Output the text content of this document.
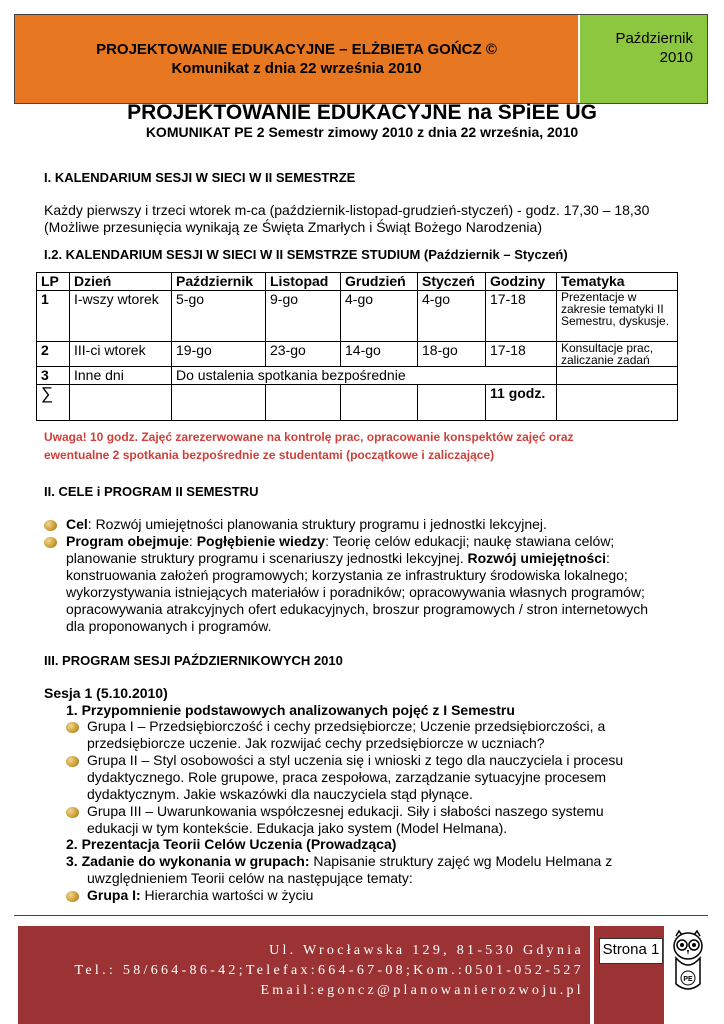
PROJEKTOWANIE EDUKACYJNE – ELŻBIETA GOŃCZ ©
Komunikat z dnia 22 września 2010
Październik
2010
PROJEKTOWANIE EDUKACYJNE na SPiEE UG
KOMUNIKAT PE 2 Semestr zimowy 2010 z dnia 22 września, 2010
I. KALENDARIUM SESJI W SIECI W II SEMESTRZE
Każdy pierwszy i trzeci wtorek m-ca (październik-listopad-grudzień-styczeń) - godz. 17,30 – 18,30
(Możliwe przesunięcia wynikają ze Święta Zmarłych i Świąt Bożego Narodzenia)
I.2. KALENDARIUM SESJI W SIECI W II SEMSTRZE STUDIUM (Październik – Styczeń)
LP	Dzień	Październik	Listopad	Grudzień	Styczeń	Godziny	Tematyka
1	I-wszy wtorek	5-go	9-go	4-go	4-go	17-18	Prezentacje w zakresie tematyki II Semestru, dyskusje.
2	III-ci wtorek	19-go	23-go	14-go	18-go	17-18	Konsultacje prac, zaliczanie zadań
3	Inne dni	Do ustalenia spotkania bezpośrednie					
∑						11 godz.	
Uwaga! 10 godz. Zajęć zarezerwowane na kontrolę prac, opracowanie konspektów zajęć oraz
ewentualne 2 spotkania bezpośrednie ze studentami (początkowe i zaliczające)
II. CELE i PROGRAM II SEMESTRU
Cel: Rozwój umiejętności planowania struktury programu i jednostki lekcyjnej.
Program obejmuje: Pogłębienie wiedzy: Teorię celów edukacji; naukę stawiana celów;
planowanie struktury programu i scenariuszy jednostki lekcyjnej. Rozwój umiejętności:
konstruowania założeń programowych; korzystania ze infrastruktury środowiska lokalnego;
wykorzystywania istniejących materiałów i poradników; opracowywania własnych programów;
opracowywania atrakcyjnych ofert edukacyjnych, broszur programowych / stron internetowych
dla proponowanych i programów.
III. PROGRAM SESJI PAŹDZIERNIKOWYCH 2010
Sesja 1 (5.10.2010)
1. Przypomnienie podstawowych analizowanych pojęć z I Semestru
Grupa I – Przedsiębiorczość i cechy przedsiębiorcze; Uczenie przedsiębiorczości, a
przedsiębiorcze uczenie. Jak rozwijać cechy przedsiębiorcze w uczniach?
Grupa II – Styl osobowości a styl uczenia się i wnioski z tego dla nauczyciela i procesu
dydaktycznego. Role grupowe, praca zespołowa, zarządzanie sytuacyjne procesem
dydaktycznym. Jakie wskazówki dla nauczyciela stąd płynące.
Grupa III – Uwarunkowania współczesnej edukacji. Siły i słabości naszego systemu
edukacji w tym kontekście. Edukacja jako system (Model Helmana).
2. Prezentacja Teorii Celów Uczenia (Prowadząca)
3. Zadanie do wykonania w grupach: Napisanie struktury zajęć wg Modelu Helmana z
uwzględnieniem Teorii celów na następujące tematy:
Grupa I: Hierarchia wartości w życiu
Ul. Wrocławska 129, 81-530 Gdynia
Tel.: 58/664-86-42;Telefax:664-67-08;Kom.:0501-052-527
Email:egoncz@planowanierozwoju.pl
Strona 1
PE
